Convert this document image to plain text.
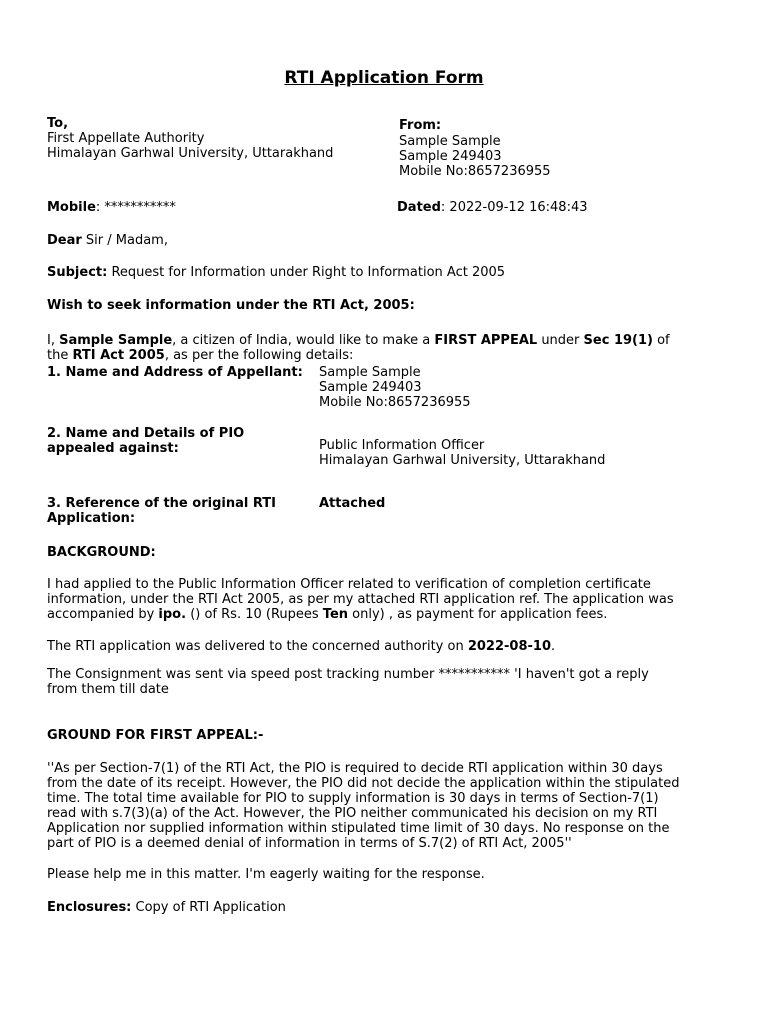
RTI Application Form
To,
First Appellate Authority
Himalayan Garhwal University, Uttarakhand
From:
Sample Sample
Sample 249403
Mobile No:8657236955
Mobile: ***********	Dated: 2022-09-12 16:48:43
Dear Sir / Madam,
Subject: Request for Information under Right to Information Act 2005
Wish to seek information under the RTI Act, 2005:
I, Sample Sample, a citizen of India, would like to make a FIRST APPEAL under Sec 19(1) of
the RTI Act 2005, as per the following details:
1. Name and Address of Appellant:	Sample Sample
Sample 249403
Mobile No:8657236955
2. Name and Details of PIO appealed against:	Public Information Officer
Himalayan Garhwal University, Uttarakhand
3. Reference of the original RTI Application:
Attached
BACKGROUND:
I had applied to the Public Information Officer related to verification of completion certificate
information, under the RTI Act 2005, as per my attached RTI application ref. The application was
accompanied by ipo. () of Rs. 10 (Rupees Ten only) , as payment for application fees.
The RTI application was delivered to the concerned authority on 2022-08-10.
The Consignment was sent via speed post tracking number *********** 'I haven't got a reply
from them till date
GROUND FOR FIRST APPEAL:-
''As per Section-7(1) of the RTI Act, the PIO is required to decide RTI application within 30 days
from the date of its receipt. However, the PIO did not decide the application within the stipulated
time. The total time available for PIO to supply information is 30 days in terms of Section-7(1)
read with s.7(3)(a) of the Act. However, the PIO neither communicated his decision on my RTI
Application nor supplied information within stipulated time limit of 30 days. No response on the
part of PIO is a deemed denial of information in terms of S.7(2) of RTI Act, 2005''
Please help me in this matter. I'm eagerly waiting for the response.
Enclosures: Copy of RTI Application
